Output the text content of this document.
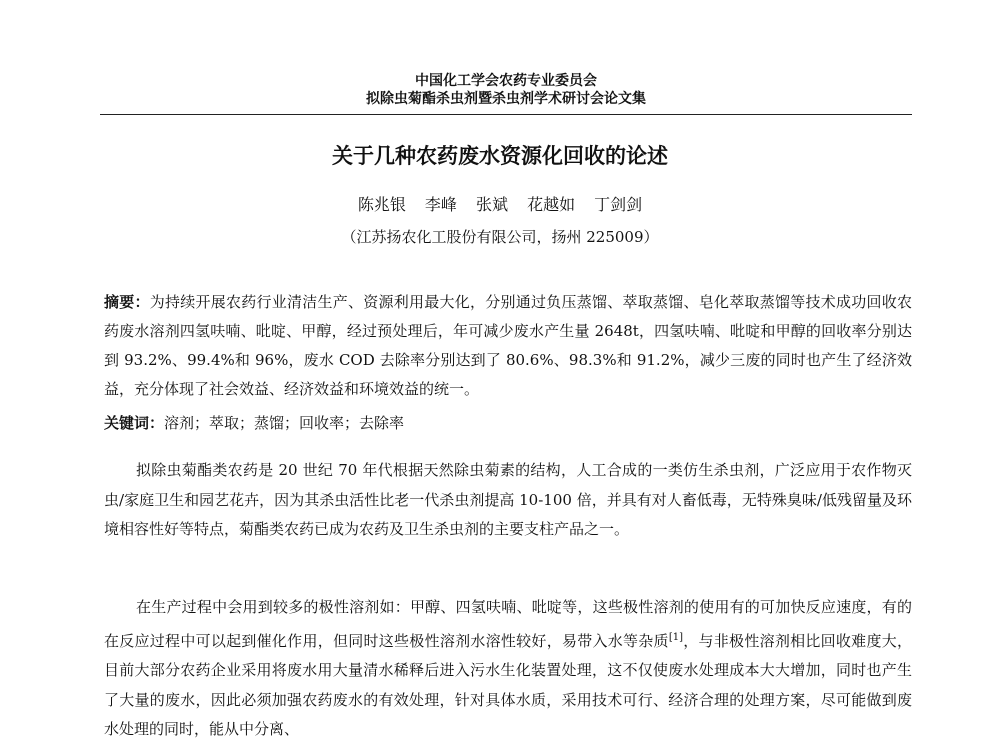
中国化工学会农药专业委员会
拟除虫菊酯杀虫剂暨杀虫剂学术研讨会论文集
关于几种农药废水资源化回收的论述
陈兆银 李峰 张斌 花越如 丁剑剑
（江苏扬农化工股份有限公司，扬州 225009）
摘要：为持续开展农药行业清洁生产、资源利用最大化，分别通过负压蒸馏、萃取蒸馏、皂化萃取蒸馏等技术成功回收农药废水溶剂四氢呋喃、吡啶、甲醇，经过预处理后，年可减少废水产生量 2648t，四氢呋喃、吡啶和甲醇的回收率分别达到 93.2%、99.4%和 96%，废水 COD 去除率分别达到了 80.6%、98.3%和 91.2%，减少三废的同时也产生了经济效益，充分体现了社会效益、经济效益和环境效益的统一。
关键词：溶剂；萃取；蒸馏；回收率；去除率

拟除虫菊酯类农药是 20 世纪 70 年代根据天然除虫菊素的结构，人工合成的一类仿生杀虫剂，广泛应用于农作物灭虫/家庭卫生和园艺花卉，因为其杀虫活性比老一代杀虫剂提高 10-100 倍，并具有对人畜低毒，无特殊臭味/低残留量及环境相容性好等特点，菊酯类农药已成为农药及卫生杀虫剂的主要支柱产品之一。

在生产过程中会用到较多的极性溶剂如：甲醇、四氢呋喃、吡啶等，这些极性溶剂的使用有的可加快反应速度，有的在反应过程中可以起到催化作用，但同时这些极性溶剂水溶性较好，易带入水等杂质[1]，与非极性溶剂相比回收难度大，目前大部分农药企业采用将废水用大量清水稀释后进入污水生化装置处理，这不仅使废水处理成本大大增加，同时也产生了大量的废水，因此必须加强农药废水的有效处理，针对具体水质，采用技术可行、经济合理的处理方案，尽可能做到废水处理的同时，能从中分离、
